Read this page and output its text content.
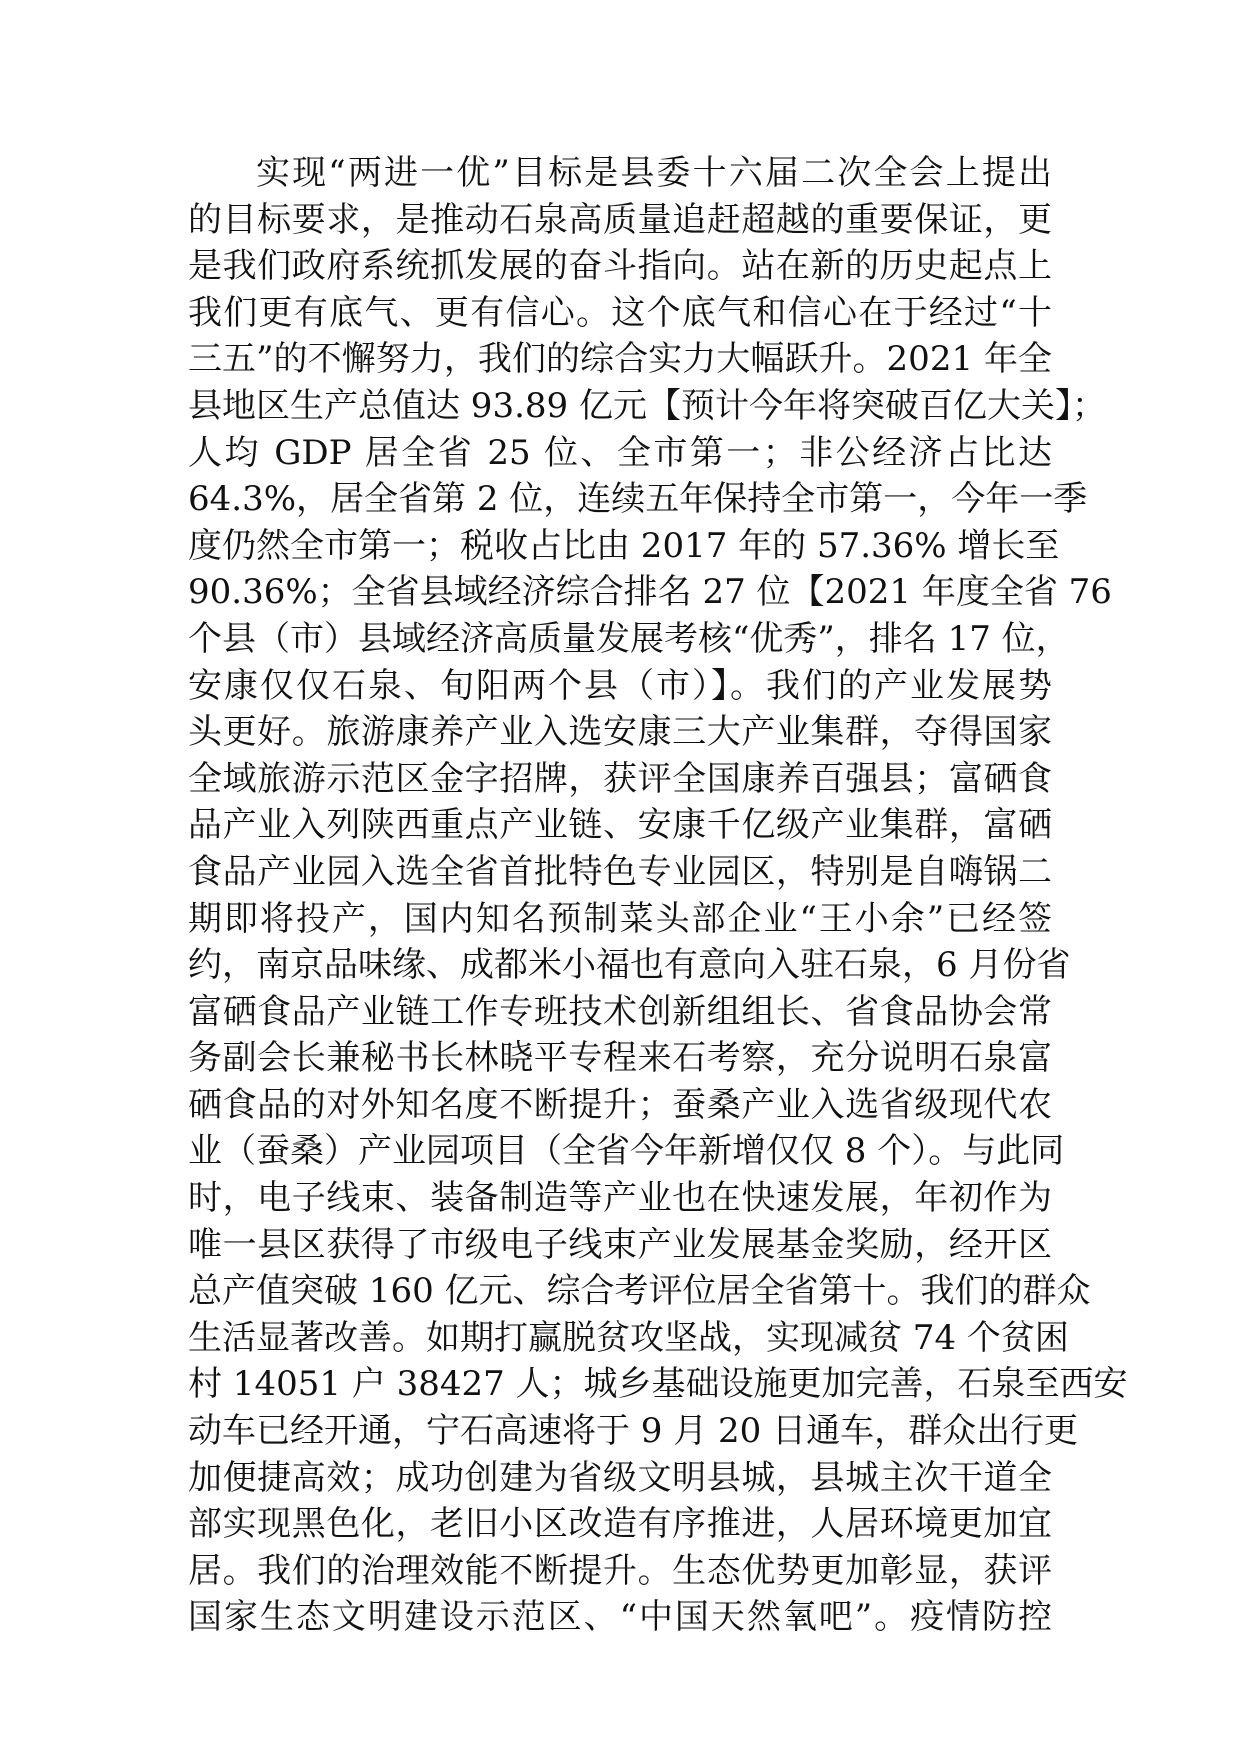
实现“两进一优”目标是县委十六届二次全会上提出
的目标要求，是推动石泉高质量追赶超越的重要保证，更
是我们政府系统抓发展的奋斗指向。站在新的历史起点上
我们更有底气、更有信心。这个底气和信心在于经过“十
三五”的不懈努力，我们的综合实力大幅跃升。2021 年全
县地区生产总值达 93.89 亿元【预计今年将突破百亿大关】；
人均 GDP 居全省 25 位、全市第一；非公经济占比达
64.3%，居全省第 2 位，连续五年保持全市第一，今年一季
度仍然全市第一；税收占比由 2017 年的 57.36% 增长至
90.36%；全省县域经济综合排名 27 位【2021 年度全省 76
个县（市）县域经济高质量发展考核“优秀”，排名 17 位，
安康仅仅石泉、旬阳两个县（市）】。我们的产业发展势
头更好。旅游康养产业入选安康三大产业集群，夺得国家
全域旅游示范区金字招牌，获评全国康养百强县；富硒食
品产业入列陕西重点产业链、安康千亿级产业集群，富硒
食品产业园入选全省首批特色专业园区，特别是自嗨锅二
期即将投产，国内知名预制菜头部企业“王小余”已经签
约，南京品味缘、成都米小福也有意向入驻石泉，6 月份省
富硒食品产业链工作专班技术创新组组长、省食品协会常
务副会长兼秘书长林晓平专程来石考察，充分说明石泉富
硒食品的对外知名度不断提升；蚕桑产业入选省级现代农
业（蚕桑）产业园项目（全省今年新增仅仅 8 个）。与此同
时，电子线束、装备制造等产业也在快速发展，年初作为
唯一县区获得了市级电子线束产业发展基金奖励，经开区
总产值突破 160 亿元、综合考评位居全省第十。我们的群众
生活显著改善。如期打赢脱贫攻坚战，实现减贫 74 个贫困
村 14051 户 38427 人；城乡基础设施更加完善，石泉至西安
动车已经开通，宁石高速将于 9 月 20 日通车，群众出行更
加便捷高效；成功创建为省级文明县城，县城主次干道全
部实现黑色化，老旧小区改造有序推进，人居环境更加宜
居。我们的治理效能不断提升。生态优势更加彰显，获评
国家生态文明建设示范区、“中国天然氧吧”。疫情防控
